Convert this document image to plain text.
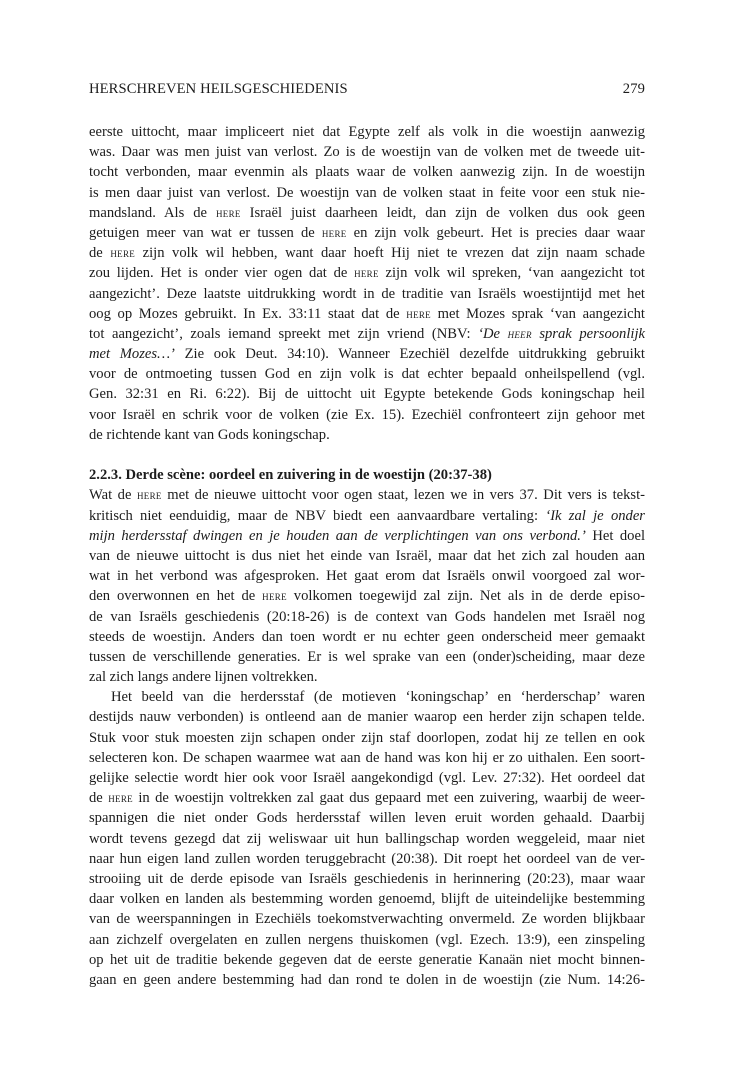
HERSCHREVEN HEILSGESCHIEDENIS	279
eerste uittocht, maar impliceert niet dat Egypte zelf als volk in die woestijn aanwezig
was. Daar was men juist van verlost. Zo is de woestijn van de volken met de tweede uit-
tocht verbonden, maar evenmin als plaats waar de volken aanwezig zijn. In de woestijn
is men daar juist van verlost. De woestijn van de volken staat in feite voor een stuk nie-
mandsland. Als de here Israël juist daarheen leidt, dan zijn de volken dus ook geen
getuigen meer van wat er tussen de here en zijn volk gebeurt. Het is precies daar waar
de here zijn volk wil hebben, want daar hoeft Hij niet te vrezen dat zijn naam schade
zou lijden. Het is onder vier ogen dat de here zijn volk wil spreken, ‘van aangezicht tot
aangezicht’. Deze laatste uitdrukking wordt in de traditie van Israëls woestijntijd met het
oog op Mozes gebruikt. In Ex. 33:11 staat dat de here met Mozes sprak ‘van aangezicht
tot aangezicht’, zoals iemand spreekt met zijn vriend (NBV: ‘De heer sprak persoonlijk
met Mozes…’ Zie ook Deut. 34:10). Wanneer Ezechiël dezelfde uitdrukking gebruikt
voor de ontmoeting tussen God en zijn volk is dat echter bepaald onheilspellend (vgl.
Gen. 32:31 en Ri. 6:22). Bij de uittocht uit Egypte betekende Gods koningschap heil
voor Israël en schrik voor de volken (zie Ex. 15). Ezechiël confronteert zijn gehoor met
de richtende kant van Gods koningschap.
2.2.3. Derde scène: oordeel en zuivering in de woestijn (20:37-38)
Wat de here met de nieuwe uittocht voor ogen staat, lezen we in vers 37. Dit vers is tekst-
kritisch niet eenduidig, maar de NBV biedt een aanvaardbare vertaling: ‘Ik zal je onder
mijn herdersstaf dwingen en je houden aan de verplichtingen van ons verbond.’ Het doel
van de nieuwe uittocht is dus niet het einde van Israël, maar dat het zich zal houden aan
wat in het verbond was afgesproken. Het gaat erom dat Israëls onwil voorgoed zal wor-
den overwonnen en het de here volkomen toegewijd zal zijn. Net als in de derde episo-
de van Israëls geschiedenis (20:18-26) is de context van Gods handelen met Israël nog
steeds de woestijn. Anders dan toen wordt er nu echter geen onderscheid meer gemaakt
tussen de verschillende generaties. Er is wel sprake van een (onder)scheiding, maar deze
zal zich langs andere lijnen voltrekken.
Het beeld van die herdersstaf (de motieven ‘koningschap’ en ‘herderschap’ waren
destijds nauw verbonden) is ontleend aan de manier waarop een herder zijn schapen telde.
Stuk voor stuk moesten zijn schapen onder zijn staf doorlopen, zodat hij ze tellen en ook
selecteren kon. De schapen waarmee wat aan de hand was kon hij er zo uithalen. Een soort-
gelijke selectie wordt hier ook voor Israël aangekondigd (vgl. Lev. 27:32). Het oordeel dat
de here in de woestijn voltrekken zal gaat dus gepaard met een zuivering, waarbij de weer-
spannigen die niet onder Gods herdersstaf willen leven eruit worden gehaald. Daarbij
wordt tevens gezegd dat zij weliswaar uit hun ballingschap worden weggeleid, maar niet
naar hun eigen land zullen worden teruggebracht (20:38). Dit roept het oordeel van de ver-
strooiing uit de derde episode van Israëls geschiedenis in herinnering (20:23), maar waar
daar volken en landen als bestemming worden genoemd, blijft de uiteindelijke bestemming
van de weerspanningen in Ezechiëls toekomstverwachting onvermeld. Ze worden blijkbaar
aan zichzelf overgelaten en zullen nergens thuiskomen (vgl. Ezech. 13:9), een zinspeling
op het uit de traditie bekende gegeven dat de eerste generatie Kanaän niet mocht binnen-
gaan en geen andere bestemming had dan rond te dolen in de woestijn (zie Num. 14:26-
